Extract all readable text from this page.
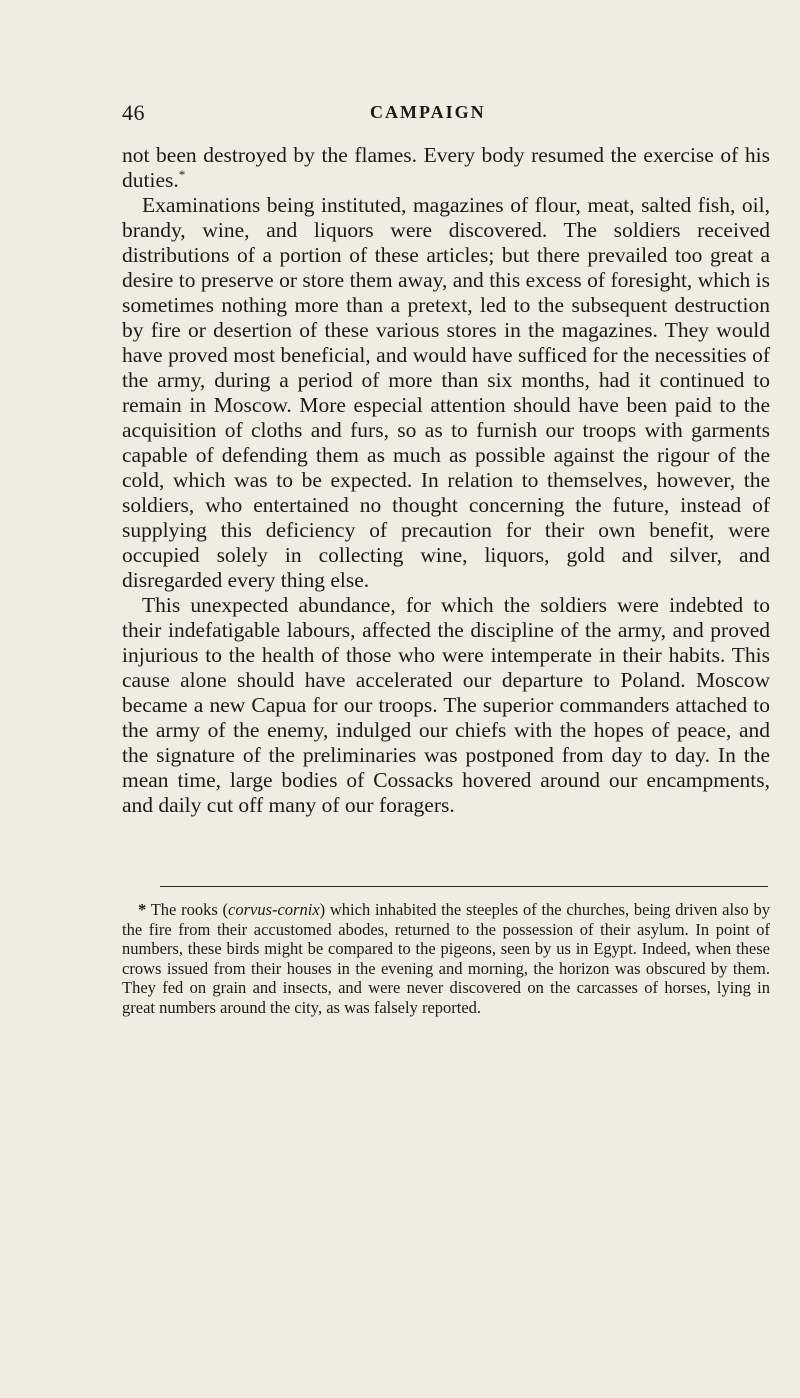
46	CAMPAIGN

not been destroyed by the flames. Every body resumed the exercise of his duties.*

Examinations being instituted, magazines of flour, meat, salted fish, oil, brandy, wine, and liquors were discovered. The soldiers received distributions of a portion of these articles; but there prevailed too great a desire to preserve or store them away, and this excess of foresight, which is sometimes nothing more than a pretext, led to the subsequent destruction by fire or desertion of these various stores in the magazines. They would have proved most beneficial, and would have sufficed for the necessities of the army, during a period of more than six months, had it continued to remain in Moscow. More especial attention should have been paid to the acquisition of cloths and furs, so as to furnish our troops with garments capable of defending them as much as possible against the rigour of the cold, which was to be expected. In relation to themselves, however, the soldiers, who entertained no thought concerning the future, instead of supplying this deficiency of precaution for their own benefit, were occupied solely in collecting wine, liquors, gold and silver, and disregarded every thing else.

This unexpected abundance, for which the soldiers were indebted to their indefatigable labours, affected the discipline of the army, and proved injurious to the health of those who were intemperate in their habits. This cause alone should have accelerated our departure to Poland. Moscow became a new Capua for our troops. The superior commanders attached to the army of the enemy, indulged our chiefs with the hopes of peace, and the signature of the preliminaries was postponed from day to day. In the mean time, large bodies of Cossacks hovered around our encampments, and daily cut off many of our foragers.

* The rooks (corvus-cornix) which inhabited the steeples of the churches, being driven also by the fire from their accustomed abodes, returned to the possession of their asylum. In point of numbers, these birds might be compared to the pigeons, seen by us in Egypt. Indeed, when these crows issued from their houses in the evening and morning, the horizon was obscured by them. They fed on grain and insects, and were never discovered on the carcasses of horses, lying in great numbers around the city, as was falsely reported.
